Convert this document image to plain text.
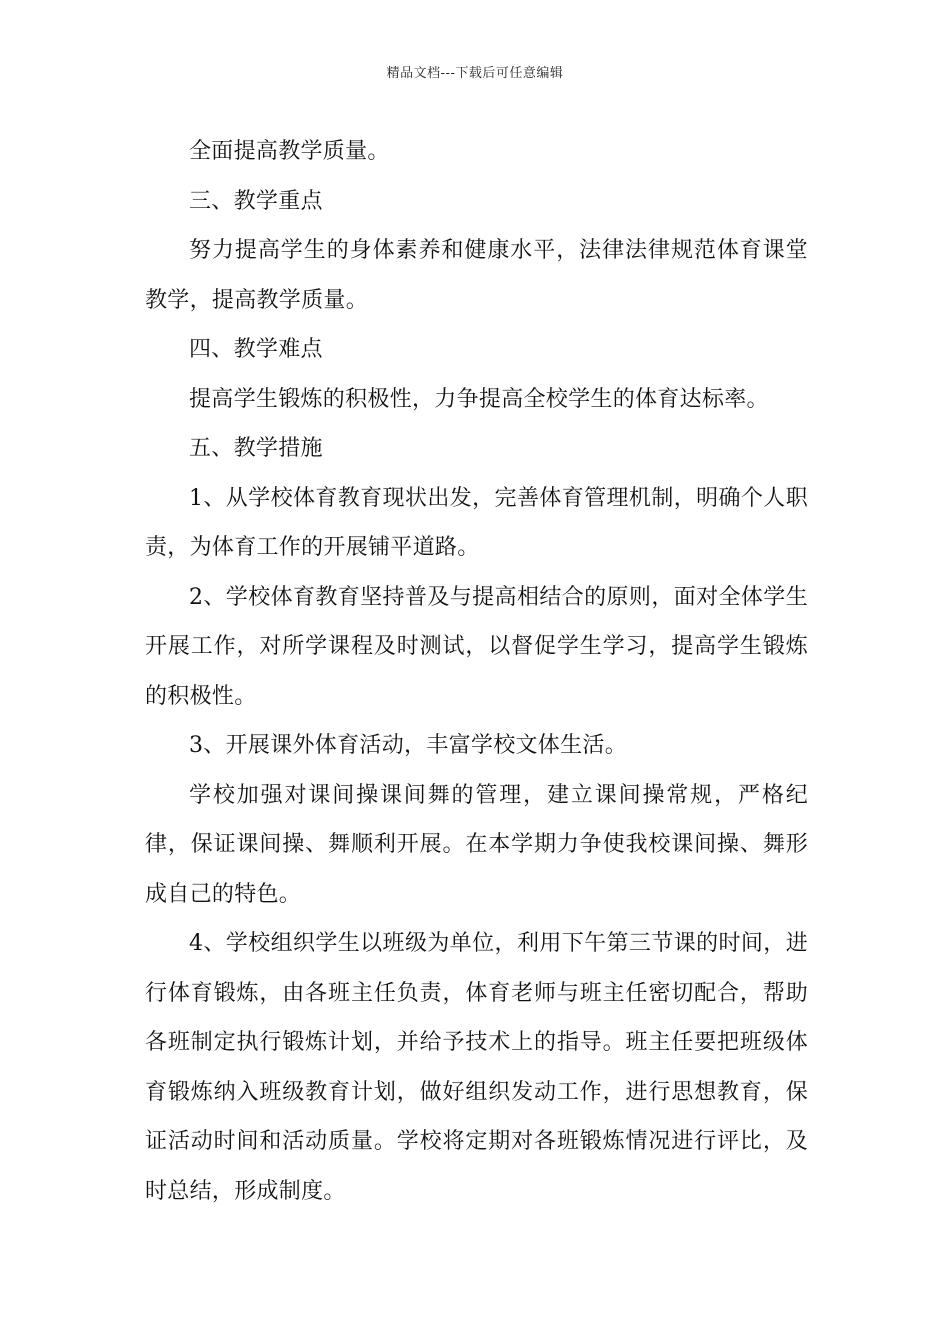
精品文档---下载后可任意编辑

全面提高教学质量。

三、教学重点

努力提高学生的身体素养和健康水平，法律法律规范体育课堂教学，提高教学质量。

四、教学难点

提高学生锻炼的积极性，力争提高全校学生的体育达标率。

五、教学措施

1、从学校体育教育现状出发，完善体育管理机制，明确个人职责，为体育工作的开展铺平道路。

2、学校体育教育坚持普及与提高相结合的原则，面对全体学生开展工作，对所学课程及时测试，以督促学生学习，提高学生锻炼的积极性。

3、开展课外体育活动，丰富学校文体生活。

学校加强对课间操课间舞的管理，建立课间操常规，严格纪律，保证课间操、舞顺利开展。在本学期力争使我校课间操、舞形成自己的特色。

4、学校组织学生以班级为单位，利用下午第三节课的时间，进行体育锻炼，由各班主任负责，体育老师与班主任密切配合，帮助各班制定执行锻炼计划，并给予技术上的指导。班主任要把班级体育锻炼纳入班级教育计划，做好组织发动工作，进行思想教育，保证活动时间和活动质量。学校将定期对各班锻炼情况进行评比，及时总结，形成制度。
